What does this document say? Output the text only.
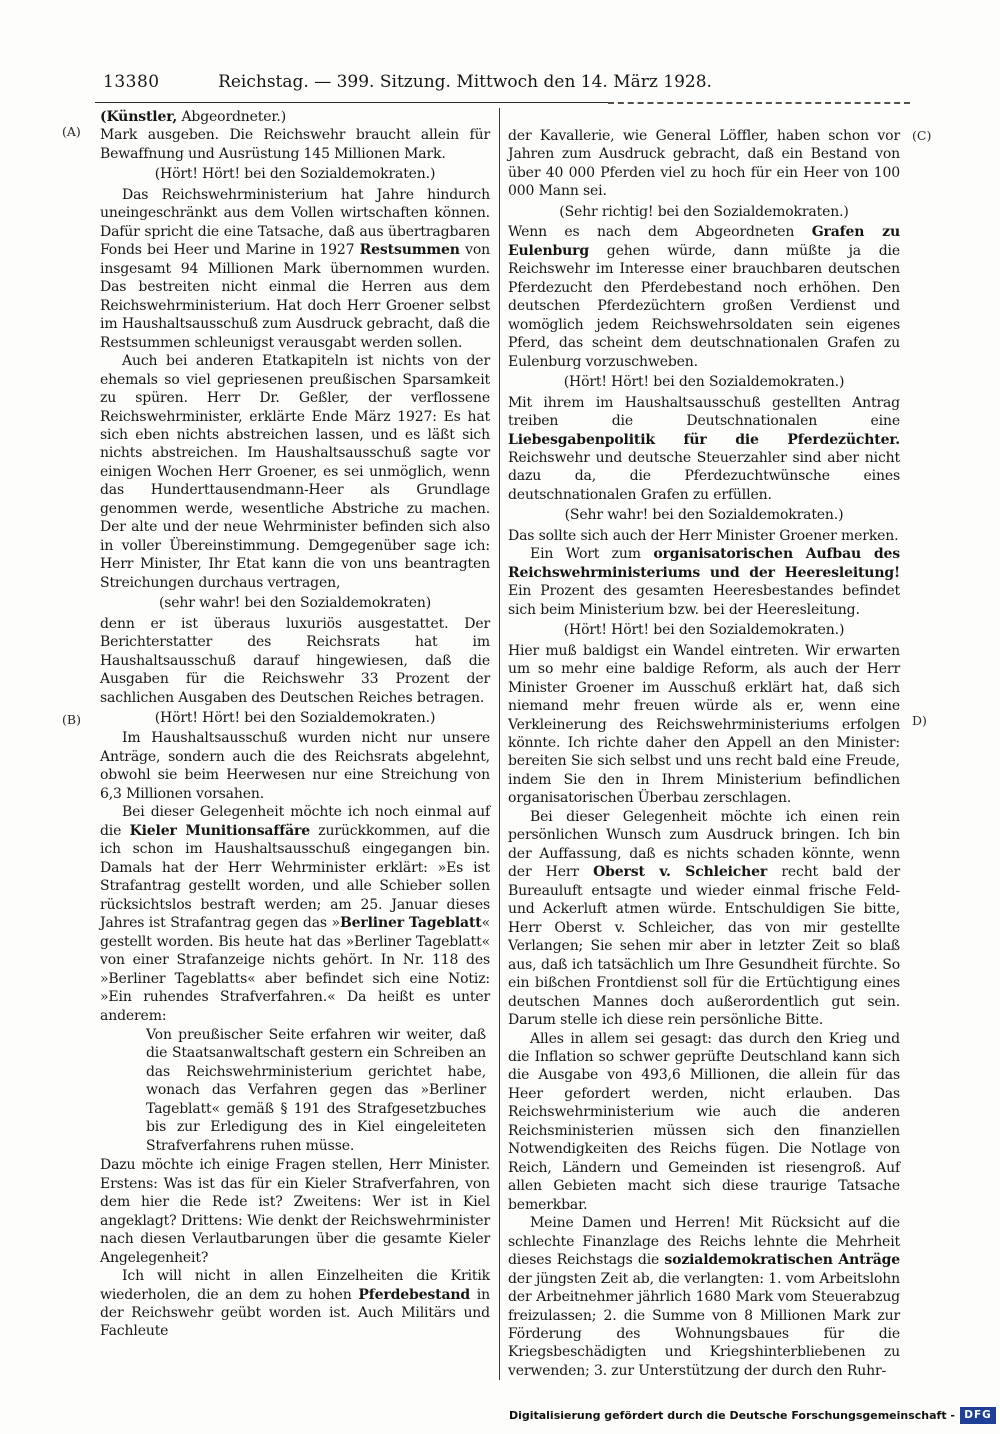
13380	Reichstag. — 399. Sitzung. Mittwoch den 14. März 1928.

(Künstler, Abgeordneter.)

Mark ausgeben. Die Reichswehr braucht allein für Bewaffnung und Ausrüstung 145 Millionen Mark.

(Hört! Hört! bei den Sozialdemokraten.)

Das Reichswehrministerium hat Jahre hindurch uneingeschränkt aus dem Vollen wirtschaften können. Dafür spricht die eine Tatsache, daß aus übertragbaren Fonds bei Heer und Marine in 1927 Restsummen von insgesamt 94 Millionen Mark übernommen wurden. Das bestreiten nicht einmal die Herren aus dem Reichswehrministerium. Hat doch Herr Groener selbst im Haushaltsausschuß zum Ausdruck gebracht, daß die Restsummen schleunigst verausgabt werden sollen.

Auch bei anderen Etatkapiteln ist nichts von der ehemals so viel gepriesenen preußischen Sparsamkeit zu spüren. Herr Dr. Geßler, der verflossene Reichswehrminister, erklärte Ende März 1927: Es hat sich eben nichts abstreichen lassen, und es läßt sich nichts abstreichen. Im Haushaltsausschuß sagte vor einigen Wochen Herr Groener, es sei unmöglich, wenn das Hunderttausendmann-Heer als Grundlage genommen werde, wesentliche Abstriche zu machen. Der alte und der neue Wehrminister befinden sich also in voller Übereinstimmung. Demgegenüber sage ich: Herr Minister, Ihr Etat kann die von uns beantragten Streichungen durchaus vertragen,

(sehr wahr! bei den Sozialdemokraten)

denn er ist überaus luxuriös ausgestattet. Der Berichterstatter des Reichsrats hat im Haushaltsausschuß darauf hingewiesen, daß die Ausgaben für die Reichswehr 33 Prozent der sachlichen Ausgaben des Deutschen Reiches betragen.

(Hört! Hört! bei den Sozialdemokraten.)

Im Haushaltsausschuß wurden nicht nur unsere Anträge, sondern auch die des Reichsrats abgelehnt, obwohl sie beim Heerwesen nur eine Streichung von 6,3 Millionen vorsahen.

Bei dieser Gelegenheit möchte ich noch einmal auf die Kieler Munitionsaffäre zurückkommen, auf die ich schon im Haushaltsausschuß eingegangen bin. Damals hat der Herr Wehrminister erklärt: »Es ist Strafantrag gestellt worden, und alle Schieber sollen rücksichtslos bestraft werden; am 25. Januar dieses Jahres ist Strafantrag gegen das »Berliner Tageblatt« gestellt worden. Bis heute hat das »Berliner Tageblatt« von einer Strafanzeige nichts gehört. In Nr. 118 des »Berliner Tageblatts« aber befindet sich eine Notiz: »Ein ruhendes Strafverfahren.« Da heißt es unter anderem:

Von preußischer Seite erfahren wir weiter, daß die Staatsanwaltschaft gestern ein Schreiben an das Reichswehrministerium gerichtet habe, wonach das Verfahren gegen das »Berliner Tageblatt« gemäß § 191 des Strafgesetzbuches bis zur Erledigung des in Kiel eingeleiteten Strafverfahrens ruhen müsse.

Dazu möchte ich einige Fragen stellen, Herr Minister. Erstens: Was ist das für ein Kieler Strafverfahren, von dem hier die Rede ist? Zweitens: Wer ist in Kiel angeklagt? Drittens: Wie denkt der Reichswehrminister nach diesen Verlautbarungen über die gesamte Kieler Angelegenheit?

Ich will nicht in allen Einzelheiten die Kritik wiederholen, die an dem zu hohen Pferdebestand in der Reichswehr geübt worden ist. Auch Militärs und Fachleute

der Kavallerie, wie General Löffler, haben schon vor Jahren zum Ausdruck gebracht, daß ein Bestand von über 40 000 Pferden viel zu hoch für ein Heer von 100 000 Mann sei.

(Sehr richtig! bei den Sozialdemokraten.)

Wenn es nach dem Abgeordneten Grafen zu Eulenburg gehen würde, dann müßte ja die Reichswehr im Interesse einer brauchbaren deutschen Pferdezucht den Pferdebestand noch erhöhen. Den deutschen Pferdezüchtern großen Verdienst und womöglich jedem Reichswehrsoldaten sein eigenes Pferd, das scheint dem deutschnationalen Grafen zu Eulenburg vorzuschweben.

(Hört! Hört! bei den Sozialdemokraten.)

Mit ihrem im Haushaltsausschuß gestellten Antrag treiben die Deutschnationalen eine Liebesgabenpolitik für die Pferdezüchter. Reichswehr und deutsche Steuerzahler sind aber nicht dazu da, die Pferdezuchtwünsche eines deutschnationalen Grafen zu erfüllen.

(Sehr wahr! bei den Sozialdemokraten.)

Das sollte sich auch der Herr Minister Groener merken.

Ein Wort zum organisatorischen Aufbau des Reichswehrministeriums und der Heeresleitung! Ein Prozent des gesamten Heeresbestandes befindet sich beim Ministerium bzw. bei der Heeresleitung.

(Hört! Hört! bei den Sozialdemokraten.)

Hier muß baldigst ein Wandel eintreten. Wir erwarten um so mehr eine baldige Reform, als auch der Herr Minister Groener im Ausschuß erklärt hat, daß sich niemand mehr freuen würde als er, wenn eine Verkleinerung des Reichswehrministeriums erfolgen könnte. Ich richte daher den Appell an den Minister: bereiten Sie sich selbst und uns recht bald eine Freude, indem Sie den in Ihrem Ministerium befindlichen organisatorischen Überbau zerschlagen.

Bei dieser Gelegenheit möchte ich einen rein persönlichen Wunsch zum Ausdruck bringen. Ich bin der Auffassung, daß es nichts schaden könnte, wenn der Herr Oberst v. Schleicher recht bald der Bureauluft entsagte und wieder einmal frische Feld- und Ackerluft atmen würde. Entschuldigen Sie bitte, Herr Oberst v. Schleicher, das von mir gestellte Verlangen; Sie sehen mir aber in letzter Zeit so blaß aus, daß ich tatsächlich um Ihre Gesundheit fürchte. So ein bißchen Frontdienst soll für die Ertüchtigung eines deutschen Mannes doch außerordentlich gut sein. Darum stelle ich diese rein persönliche Bitte.

Alles in allem sei gesagt: das durch den Krieg und die Inflation so schwer geprüfte Deutschland kann sich die Ausgabe von 493,6 Millionen, die allein für das Heer gefordert werden, nicht erlauben. Das Reichswehrministerium wie auch die anderen Reichsministerien müssen sich den finanziellen Notwendigkeiten des Reichs fügen. Die Notlage von Reich, Ländern und Gemeinden ist riesengroß. Auf allen Gebieten macht sich diese traurige Tatsache bemerkbar.

Meine Damen und Herren! Mit Rücksicht auf die schlechte Finanzlage des Reichs lehnte die Mehrheit dieses Reichstags die sozialdemokratischen Anträge der jüngsten Zeit ab, die verlangten: 1. vom Arbeitslohn der Arbeitnehmer jährlich 1680 Mark vom Steuerabzug freizulassen; 2. die Summe von 8 Millionen Mark zur Förderung des Wohnungsbaues für die Kriegsbeschädigten und Kriegshinterbliebenen zu verwenden; 3. zur Unterstützung der durch den Ruhr-

Digitalisierung gefördert durch die Deutsche Forschungsgemeinschaft - DFG
(A)
(B)
(C)
D)
